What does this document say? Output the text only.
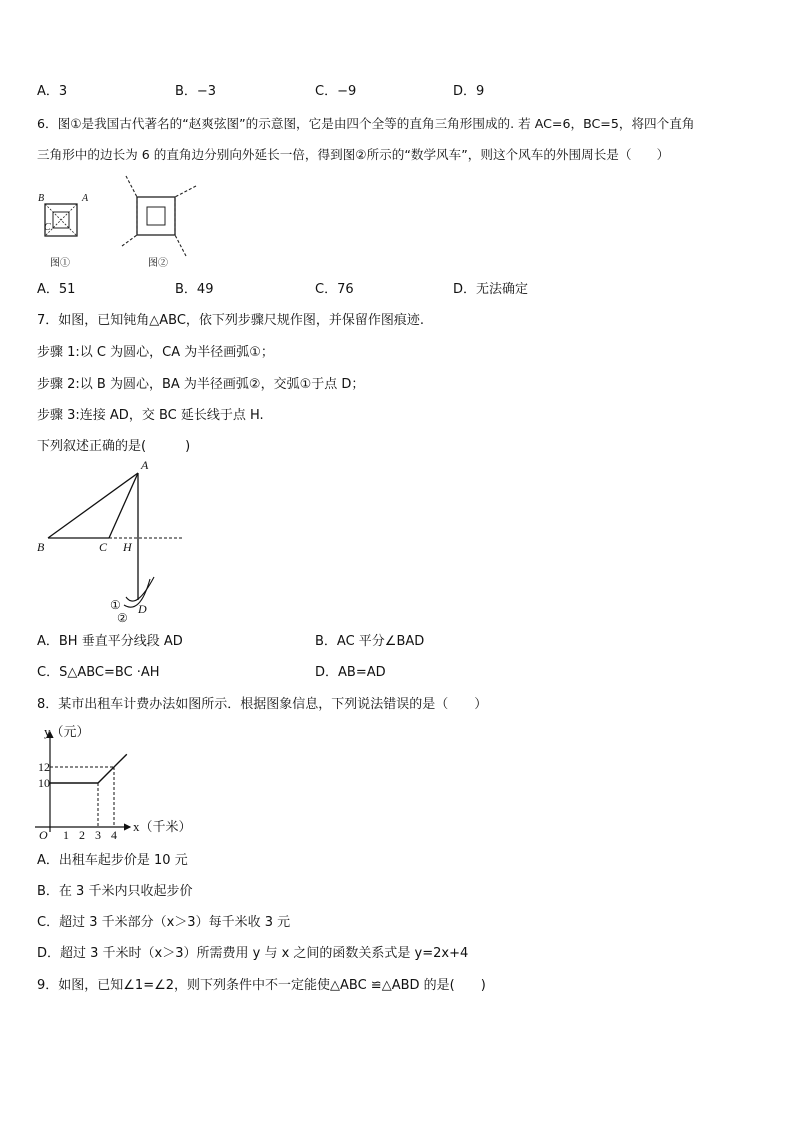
A．3	B．−3	C．−9	D．9
6．图①是我国古代著名的“赵爽弦图”的示意图，它是由四个全等的直角三角形围成的. 若 AC=6，BC=5，将四个直角
三角形中的边长为 6 的直角边分别向外延长一倍，得到图②所示的“数学风车”，则这个风车的外围周长是（　　）
B	A
C
图①	图②
A．51	B．49	C．76	D．无法确定
7．如图，已知钝角△ABC，依下列步骤尺规作图，并保留作图痕迹.
步骤 1:以 C 为圆心，CA 为半径画弧①；
步骤 2:以 B 为圆心，BA 为半径画弧②，交弧①于点 D；
步骤 3:连接 AD，交 BC 延长线于点 H.
下列叙述正确的是(　　　)
A
B	C H
D
①
②
A．BH 垂直平分线段 AD	B．AC 平分∠BAD
C．S△ABC=BC ·AH	D．AB=AD
8．某市出租车计费办法如图所示．根据图象信息，下列说法错误的是（　　）
1 2 3 4
10
12
y（元）
x（千米）
O
A．出租车起步价是 10 元
B．在 3 千米内只收起步价
C．超过 3 千米部分（x＞3）每千米收 3 元
D．超过 3 千米时（x＞3）所需费用 y 与 x 之间的函数关系式是 y=2x+4
9．如图，已知∠1=∠2，则下列条件中不一定能使△ABC ≌△ABD 的是(　　)
